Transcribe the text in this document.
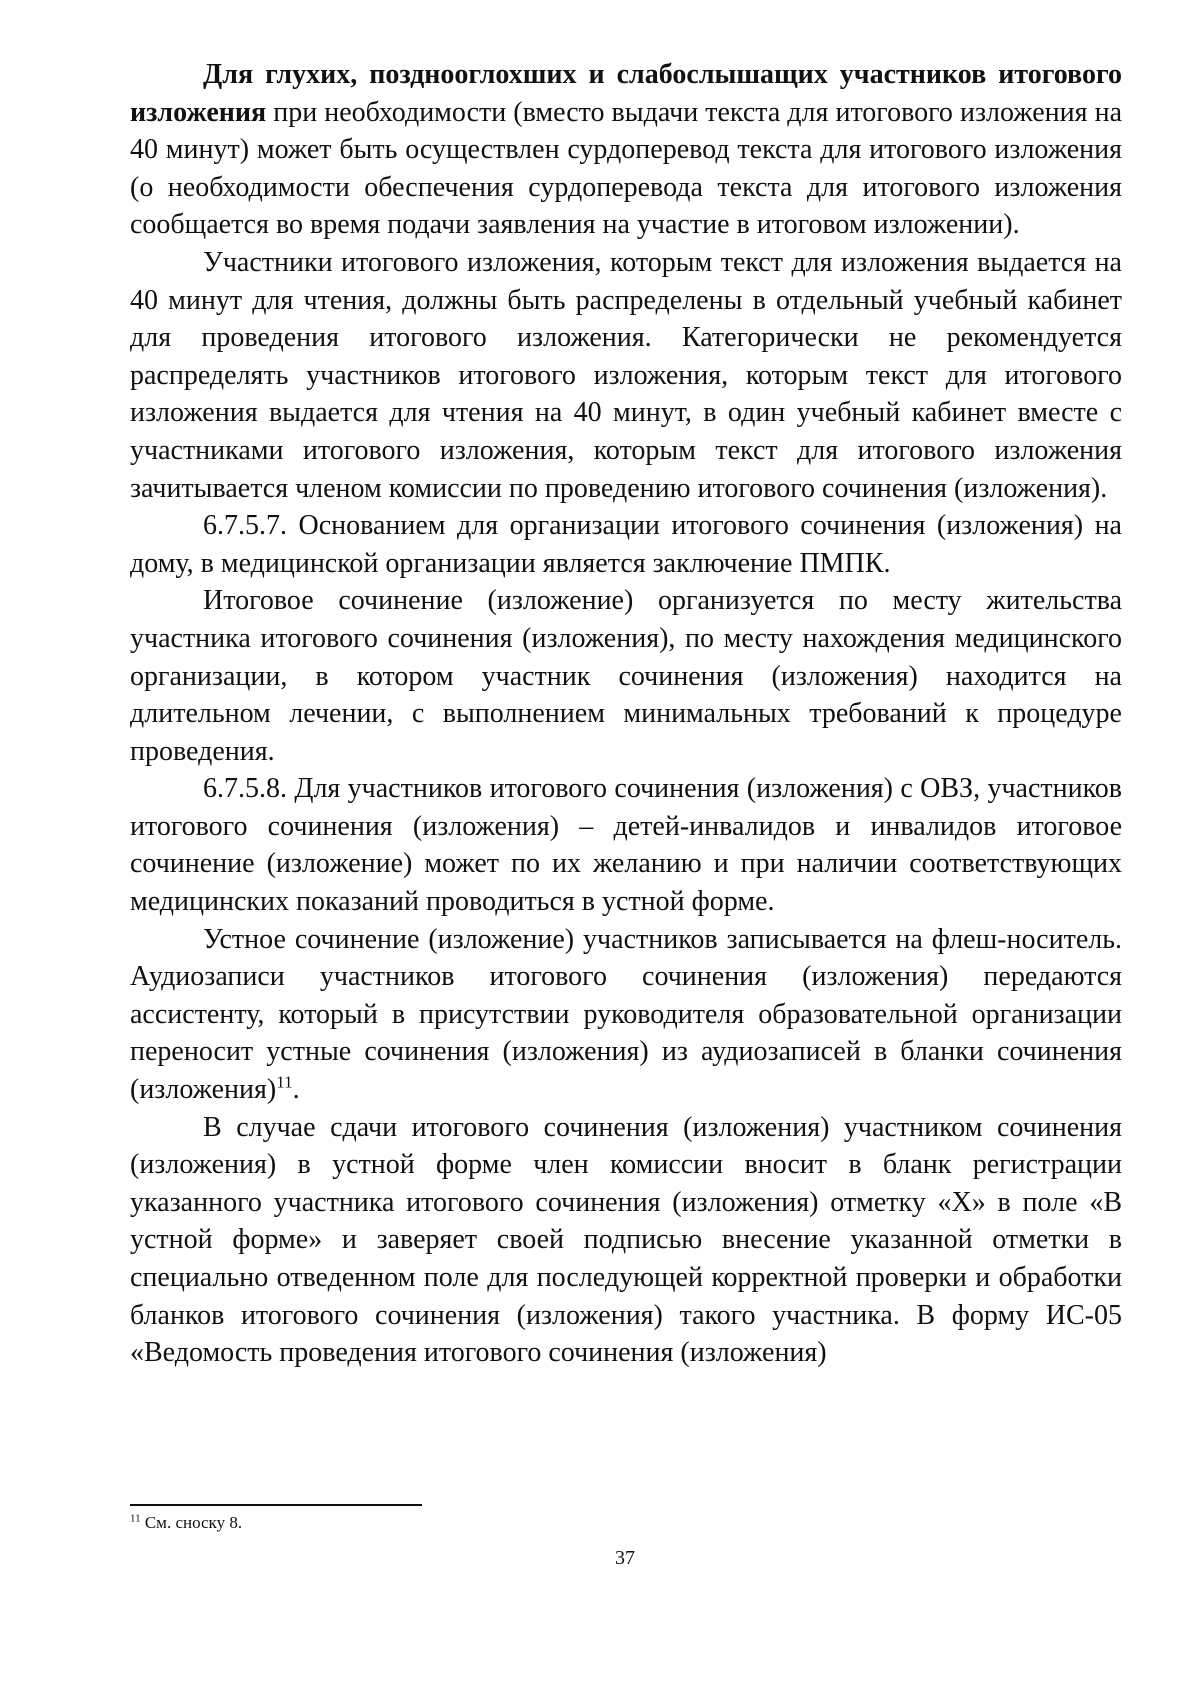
Для глухих, позднооглохших и слабослышащих участников итогового изложения при необходимости (вместо выдачи текста для итогового изложения на 40 минут) может быть осуществлен сурдоперевод текста для итогового изложения (о необходимости обеспечения сурдоперевода текста для итогового изложения сообщается во время подачи заявления на участие в итоговом изложении).

Участники итогового изложения, которым текст для изложения выдается на 40 минут для чтения, должны быть распределены в отдельный учебный кабинет для проведения итогового изложения. Категорически не рекомендуется распределять участников итогового изложения, которым текст для итогового изложения выдается для чтения на 40 минут, в один учебный кабинет вместе с участниками итогового изложения, которым текст для итогового изложения зачитывается членом комиссии по проведению итогового сочинения (изложения).

6.7.5.7. Основанием для организации итогового сочинения (изложения) на дому, в медицинской организации является заключение ПМПК.

Итоговое сочинение (изложение) организуется по месту жительства участника итогового сочинения (изложения), по месту нахождения медицинского организации, в котором участник сочинения (изложения) находится на длительном лечении, с выполнением минимальных требований к процедуре проведения.

6.7.5.8. Для участников итогового сочинения (изложения) с ОВЗ, участников итогового сочинения (изложения) – детей-инвалидов и инвалидов итоговое сочинение (изложение) может по их желанию и при наличии соответствующих медицинских показаний проводиться в устной форме.

Устное сочинение (изложение) участников записывается на флеш-носитель. Аудиозаписи участников итогового сочинения (изложения) передаются ассистенту, который в присутствии руководителя образовательной организации переносит устные сочинения (изложения) из аудиозаписей в бланки сочинения (изложения)$^{11}$.

В случае сдачи итогового сочинения (изложения) участником сочинения (изложения) в устной форме член комиссии вносит в бланк регистрации указанного участника итогового сочинения (изложения) отметку «Х» в поле «В устной форме» и заверяет своей подписью внесение указанной отметки в специально отведенном поле для последующей корректной проверки и обработки бланков итогового сочинения (изложения) такого участника. В форму ИС-05 «Ведомость проведения итогового сочинения (изложения)

$^{11}$ См. сноску 8.
37
